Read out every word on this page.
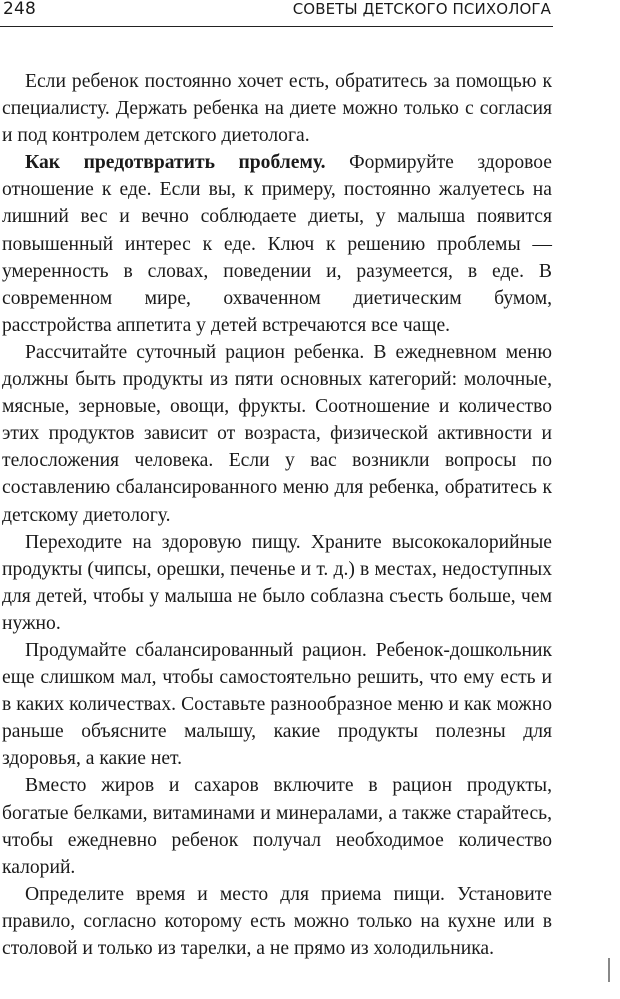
248	СОВЕТЫ ДЕТСКОГО ПСИХОЛОГА

Если ребенок постоянно хочет есть, обратитесь за помощью к специалисту. Держать ребенка на диете можно только с согласия и под контролем детского диетолога.

Как предотвратить проблему. Формируйте здоровое отношение к еде. Если вы, к примеру, постоянно жалуетесь на лишний вес и вечно соблюдаете диеты, у малыша появится повышенный интерес к еде. Ключ к решению проблемы — умеренность в словах, поведении и, разумеется, в еде. В современном мире, охваченном диетическим бумом, расстройства аппетита у детей встречаются все чаще.

Рассчитайте суточный рацион ребенка. В ежедневном меню должны быть продукты из пяти основных категорий: молочные, мясные, зерновые, овощи, фрукты. Соотношение и количество этих продуктов зависит от возраста, физической активности и телосложения человека. Если у вас возникли вопросы по составлению сбалансированного меню для ребенка, обратитесь к детскому диетологу.

Переходите на здоровую пищу. Храните высококалорийные продукты (чипсы, орешки, печенье и т. д.) в местах, недоступных для детей, чтобы у малыша не было соблазна съесть больше, чем нужно.

Продумайте сбалансированный рацион. Ребенок-дошкольник еще слишком мал, чтобы самостоятельно решить, что ему есть и в каких количествах. Составьте разнообразное меню и как можно раньше объясните малышу, какие продукты полезны для здоровья, а какие нет.

Вместо жиров и сахаров включите в рацион продукты, богатые белками, витаминами и минералами, а также старайтесь, чтобы ежедневно ребенок получал необходимое количество калорий.

Определите время и место для приема пищи. Установите правило, согласно которому есть можно только на кухне или в столовой и только из тарелки, а не прямо из холодильника.
